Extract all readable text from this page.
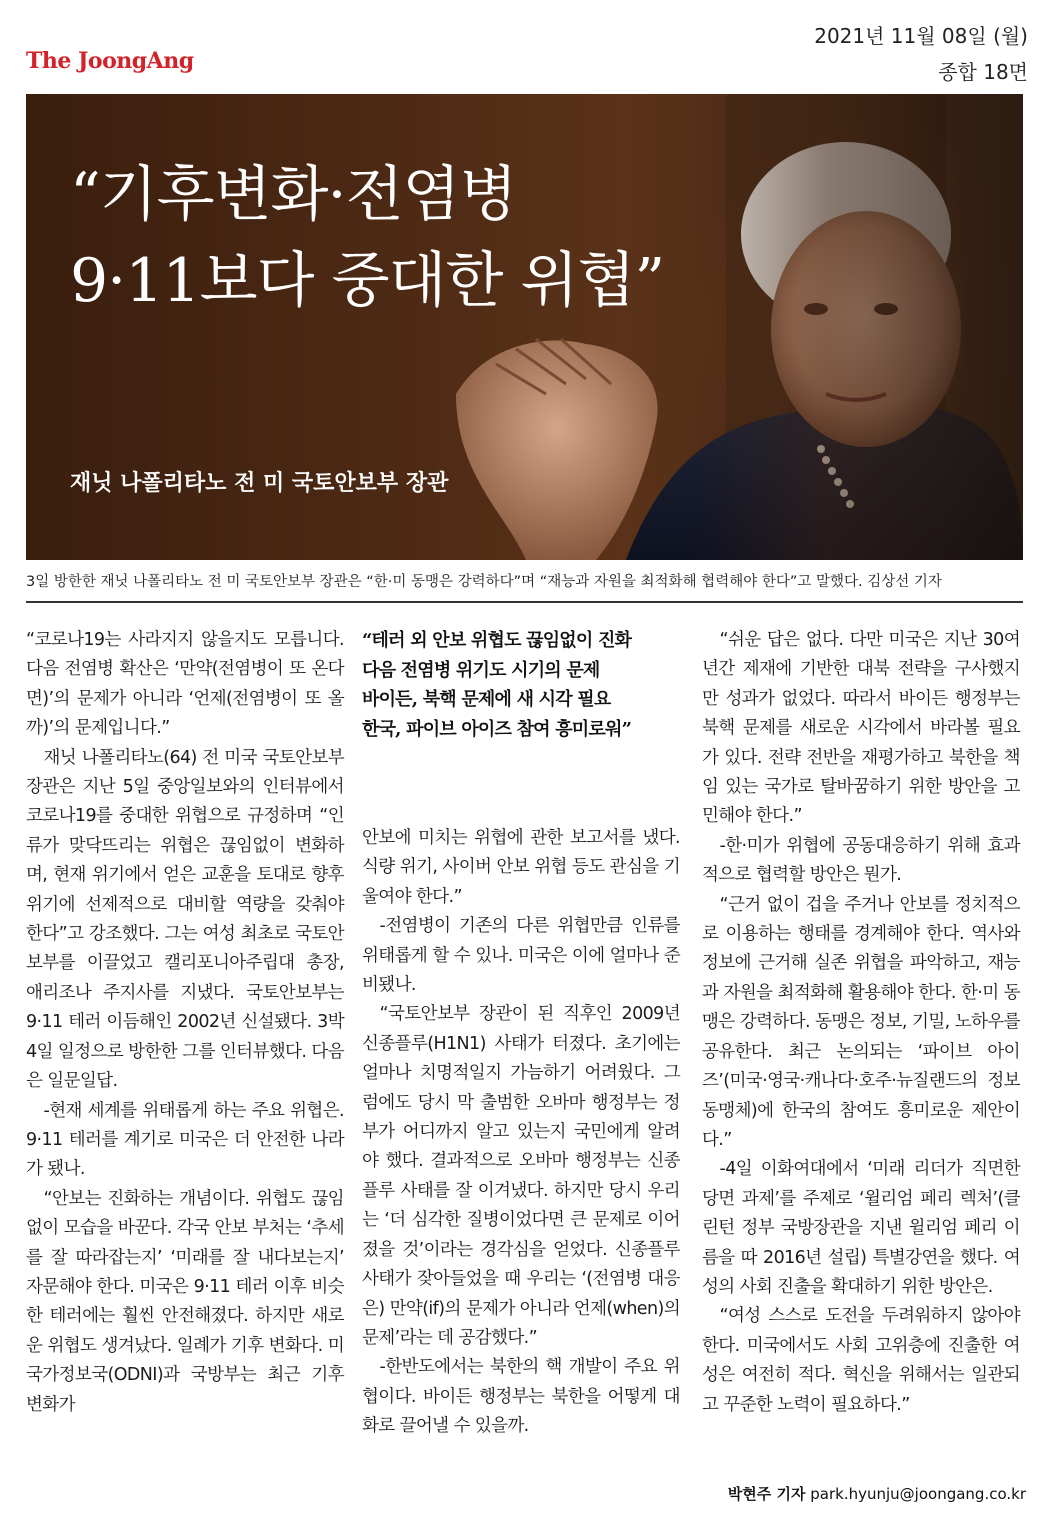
The JoongAng
2021년 11월 08일 (월)
종합 18면
“기후변화·전염병
9·11보다 중대한 위협”
재닛 나폴리타노 전 미 국토안보부 장관
3일 방한한 재닛 나폴리타노 전 미 국토안보부 장관은 “한·미 동맹은 강력하다”며 “재능과 자원을 최적화해 협력해야 한다”고 말했다. 김상선 기자

“코로나19는 사라지지 않을지도 모릅니다. 다음 전염병 확산은 ‘만약(전염병이 또 온다면)’의 문제가 아니라 ‘언제(전염병이 또 올까)’의 문제입니다.”

재닛 나폴리타노(64) 전 미국 국토안보부 장관은 지난 5일 중앙일보와의 인터뷰에서 코로나19를 중대한 위협으로 규정하며 “인류가 맞닥뜨리는 위협은 끊임없이 변화하며, 현재 위기에서 얻은 교훈을 토대로 향후 위기에 선제적으로 대비할 역량을 갖춰야 한다”고 강조했다. 그는 여성 최초로 국토안보부를 이끌었고 캘리포니아주립대 총장, 애리조나 주지사를 지냈다. 국토안보부는 9·11 테러 이듬해인 2002년 신설됐다. 3박4일 일정으로 방한한 그를 인터뷰했다. 다음은 일문일답.

-현재 세계를 위태롭게 하는 주요 위협은. 9·11 테러를 계기로 미국은 더 안전한 나라가 됐나.

“안보는 진화하는 개념이다. 위협도 끊임없이 모습을 바꾼다. 각국 안보 부처는 ‘추세를 잘 따라잡는지’ ‘미래를 잘 내다보는지’ 자문해야 한다. 미국은 9·11 테러 이후 비슷한 테러에는 훨씬 안전해졌다. 하지만 새로운 위협도 생겨났다. 일례가 기후 변화다. 미 국가정보국(ODNI)과 국방부는 최근 기후 변화가

“테러 외 안보 위협도 끊임없이 진화
다음 전염병 위기도 시기의 문제
바이든, 북핵 문제에 새 시각 필요
한국, 파이브 아이즈 참여 흥미로워”

안보에 미치는 위협에 관한 보고서를 냈다. 식량 위기, 사이버 안보 위협 등도 관심을 기울여야 한다.”

-전염병이 기존의 다른 위협만큼 인류를 위태롭게 할 수 있나. 미국은 이에 얼마나 준비됐나.

“국토안보부 장관이 된 직후인 2009년 신종플루(H1N1) 사태가 터졌다. 초기에는 얼마나 치명적일지 가늠하기 어려웠다. 그럼에도 당시 막 출범한 오바마 행정부는 정부가 어디까지 알고 있는지 국민에게 알려야 했다. 결과적으로 오바마 행정부는 신종플루 사태를 잘 이겨냈다. 하지만 당시 우리는 ‘더 심각한 질병이었다면 큰 문제로 이어졌을 것’이라는 경각심을 얻었다. 신종플루 사태가 잦아들었을 때 우리는 ‘(전염병 대응은) 만약(if)의 문제가 아니라 언제(when)의 문제’라는 데 공감했다.”

-한반도에서는 북한의 핵 개발이 주요 위협이다. 바이든 행정부는 북한을 어떻게 대화로 끌어낼 수 있을까.

“쉬운 답은 없다. 다만 미국은 지난 30여 년간 제재에 기반한 대북 전략을 구사했지만 성과가 없었다. 따라서 바이든 행정부는 북핵 문제를 새로운 시각에서 바라볼 필요가 있다. 전략 전반을 재평가하고 북한을 책임 있는 국가로 탈바꿈하기 위한 방안을 고민해야 한다.”

-한·미가 위협에 공동대응하기 위해 효과적으로 협력할 방안은 뭔가.

“근거 없이 겁을 주거나 안보를 정치적으로 이용하는 행태를 경계해야 한다. 역사와 정보에 근거해 실존 위협을 파악하고, 재능과 자원을 최적화해 활용해야 한다. 한·미 동맹은 강력하다. 동맹은 정보, 기밀, 노하우를 공유한다. 최근 논의되는 ‘파이브 아이즈’(미국·영국·캐나다·호주·뉴질랜드의 정보 동맹체)에 한국의 참여도 흥미로운 제안이다.”

-4일 이화여대에서 ‘미래 리더가 직면한 당면 과제’를 주제로 ‘윌리엄 페리 렉처’(클린턴 정부 국방장관을 지낸 윌리엄 페리 이름을 따 2016년 설립) 특별강연을 했다. 여성의 사회 진출을 확대하기 위한 방안은.

“여성 스스로 도전을 두려워하지 않아야 한다. 미국에서도 사회 고위층에 진출한 여성은 여전히 적다. 혁신을 위해서는 일관되고 꾸준한 노력이 필요하다.”

박현주 기자 park.hyunju@joongang.co.kr
